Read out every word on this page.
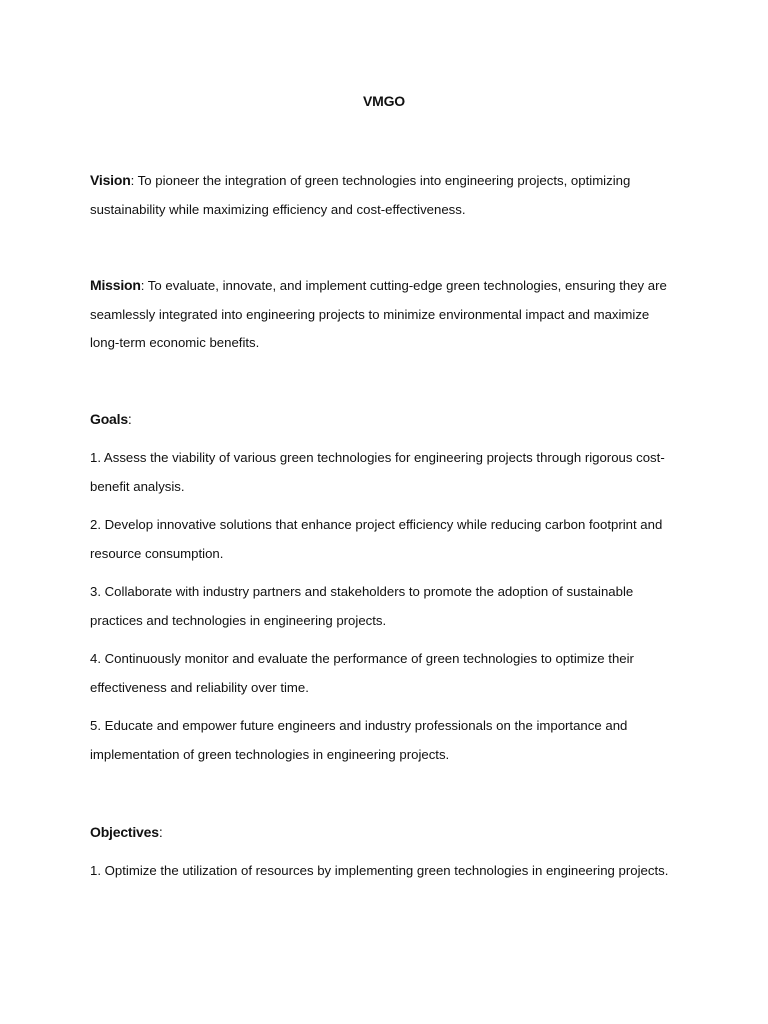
VMGO

Vision: To pioneer the integration of green technologies into engineering projects, optimizing sustainability while maximizing efficiency and cost-effectiveness.

Mission: To evaluate, innovate, and implement cutting-edge green technologies, ensuring they are seamlessly integrated into engineering projects to minimize environmental impact and maximize long-term economic benefits.

Goals:

1. Assess the viability of various green technologies for engineering projects through rigorous cost-benefit analysis.

2. Develop innovative solutions that enhance project efficiency while reducing carbon footprint and resource consumption.

3. Collaborate with industry partners and stakeholders to promote the adoption of sustainable practices and technologies in engineering projects.

4. Continuously monitor and evaluate the performance of green technologies to optimize their effectiveness and reliability over time.

5. Educate and empower future engineers and industry professionals on the importance and implementation of green technologies in engineering projects.

Objectives:

1. Optimize the utilization of resources by implementing green technologies in engineering projects.
